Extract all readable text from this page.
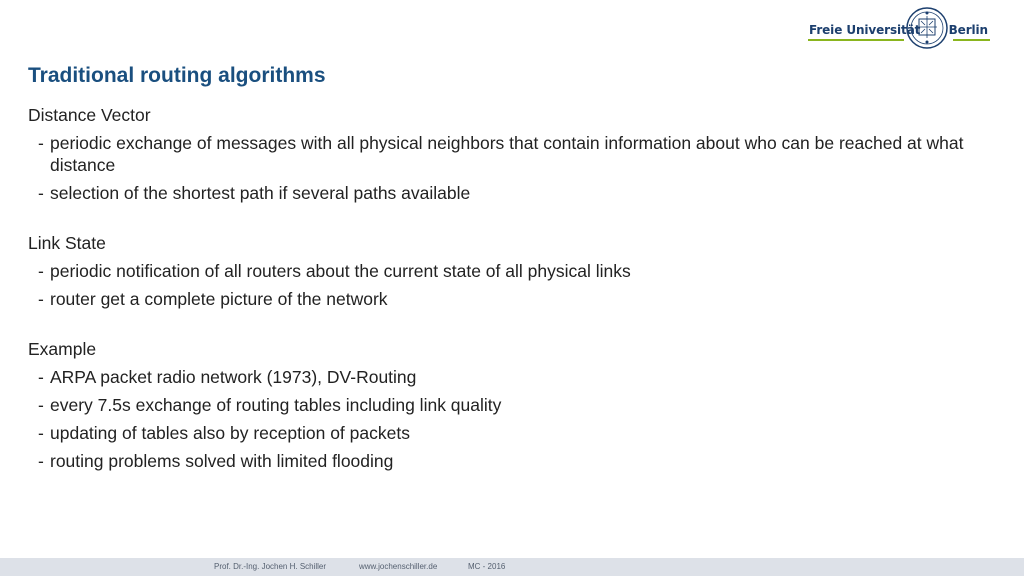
Freie Universität Berlin
Traditional routing algorithms
Distance Vector
- periodic exchange of messages with all physical neighbors that contain information about who can be reached at what distance
- selection of the shortest path if several paths available
Link State
- periodic notification of all routers about the current state of all physical links
- router get a complete picture of the network
Example
- ARPA packet radio network (1973), DV-Routing
- every 7.5s exchange of routing tables including link quality
- updating of tables also by reception of packets
- routing problems solved with limited flooding
Prof. Dr.-Ing. Jochen H. Schiller	www.jochenschiller.de	MC - 2016
